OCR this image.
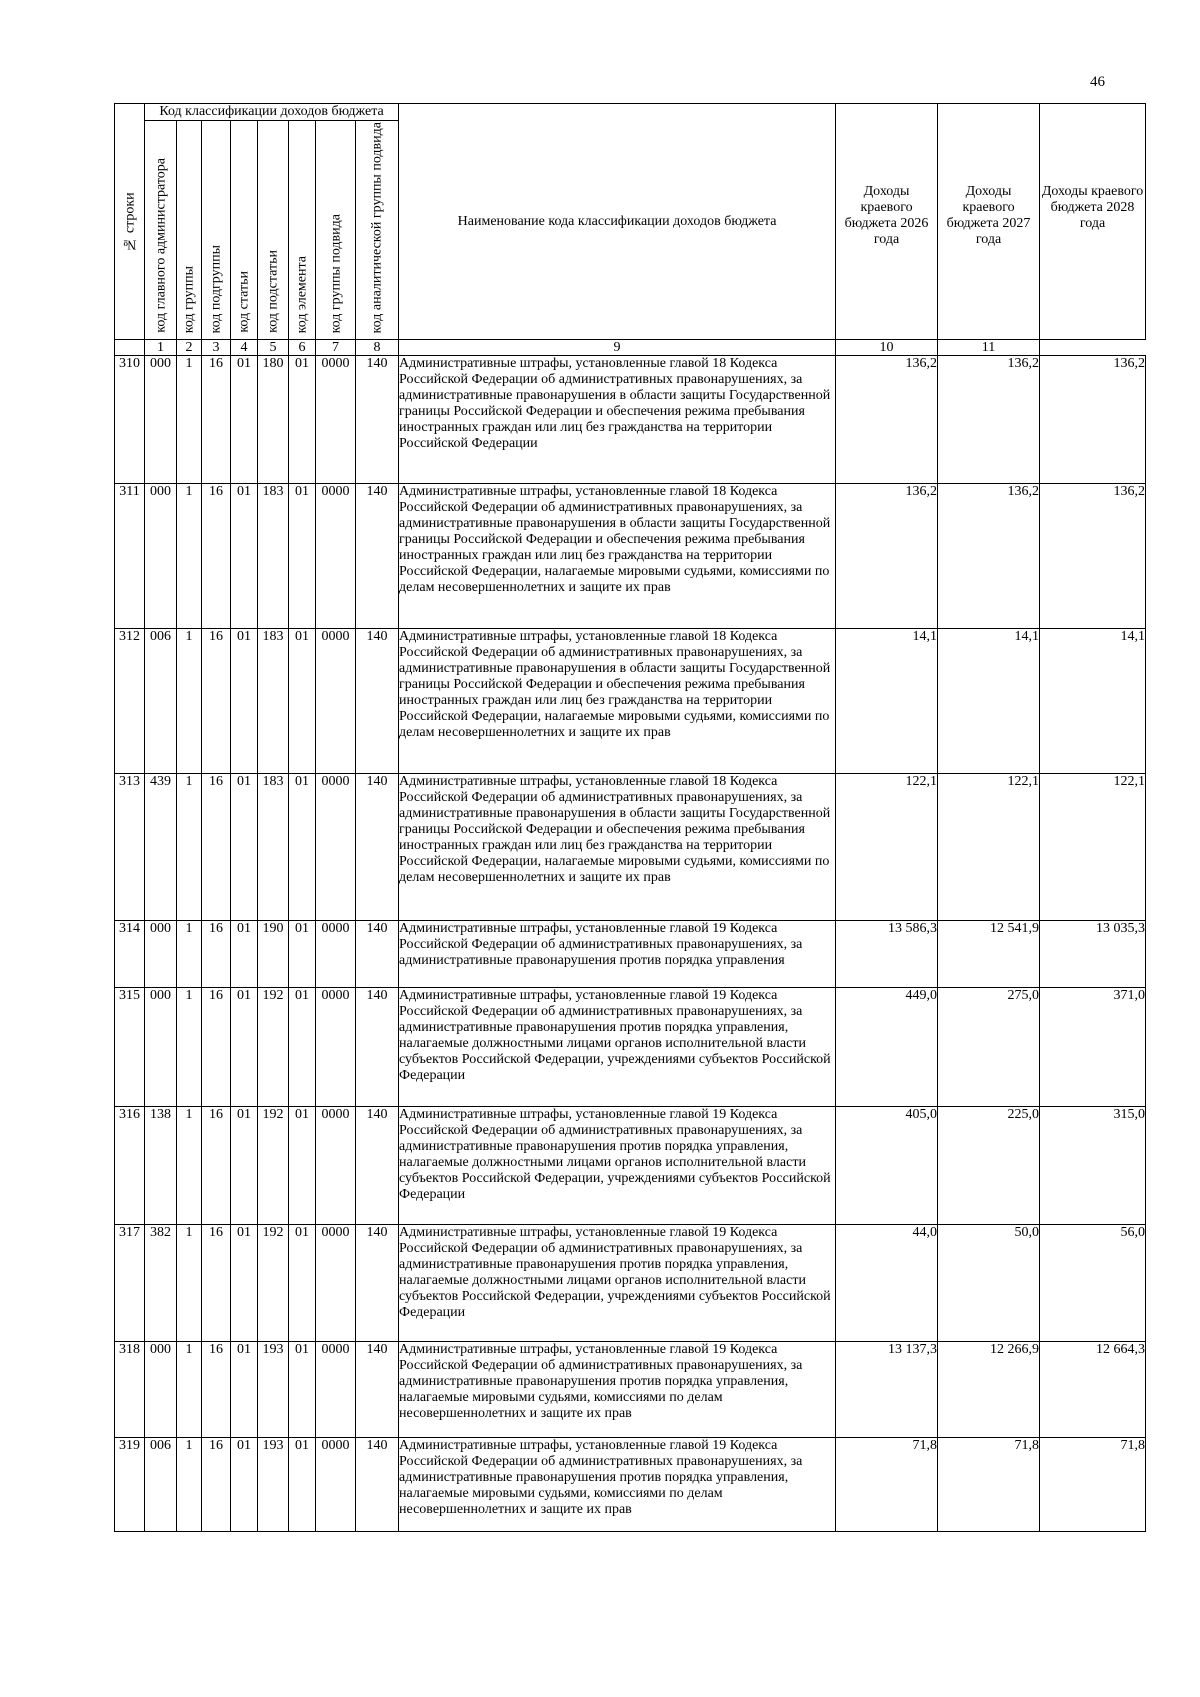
46
№ строки	Код классификации доходов бюджета								Наименование кода классификации доходов бюджета	Доходы краевого бюджета 2026 года	Доходы краевого бюджета 2027 года	Доходы краевого бюджета 2028 года

	код главного администратора	код группы	код подгруппы	код статьи	код подстатьи	код элемента	код группы подвида	код аналитической группы подвида				

	1	2	3	4	5	6	7	8	9	10	11	
310	000	1	16	01	180	01	0000	140	Административные штрафы, установленные главой 18 Кодекса Российской Федерации об административных правонарушениях, за административные правонарушения в области защиты Государственной границы Российской Федерации и обеспечения режима пребывания иностранных граждан или лиц без гражданства на территории Российской Федерации	136,2	136,2	136,2
311	000	1	16	01	183	01	0000	140	Административные штрафы, установленные главой 18 Кодекса Российской Федерации об административных правонарушениях, за административные правонарушения в области защиты Государственной границы Российской Федерации и обеспечения режима пребывания иностранных граждан или лиц без гражданства на территории Российской Федерации, налагаемые мировыми судьями, комиссиями по делам несовершеннолетних и защите их прав	136,2	136,2	136,2
312	006	1	16	01	183	01	0000	140	Административные штрафы, установленные главой 18 Кодекса Российской Федерации об административных правонарушениях, за административные правонарушения в области защиты Государственной границы Российской Федерации и обеспечения режима пребывания иностранных граждан или лиц без гражданства на территории Российской Федерации, налагаемые мировыми судьями, комиссиями по делам несовершеннолетних и защите их прав	14,1	14,1	14,1
313	439	1	16	01	183	01	0000	140	Административные штрафы, установленные главой 18 Кодекса Российской Федерации об административных правонарушениях, за административные правонарушения в области защиты Государственной границы Российской Федерации и обеспечения режима пребывания иностранных граждан или лиц без гражданства на территории Российской Федерации, налагаемые мировыми судьями, комиссиями по делам несовершеннолетних и защите их прав	122,1	122,1	122,1
314	000	1	16	01	190	01	0000	140	Административные штрафы, установленные главой 19 Кодекса Российской Федерации об административных правонарушениях, за административные правонарушения против порядка управления	13 586,3	12 541,9	13 035,3
315	000	1	16	01	192	01	0000	140	Административные штрафы, установленные главой 19 Кодекса Российской Федерации об административных правонарушениях, за административные правонарушения против порядка управления, налагаемые должностными лицами органов исполнительной власти субъектов Российской Федерации, учреждениями субъектов Российской Федерации	449,0	275,0	371,0
316	138	1	16	01	192	01	0000	140	Административные штрафы, установленные главой 19 Кодекса Российской Федерации об административных правонарушениях, за административные правонарушения против порядка управления, налагаемые должностными лицами органов исполнительной власти субъектов Российской Федерации, учреждениями субъектов Российской Федерации	405,0	225,0	315,0
317	382	1	16	01	192	01	0000	140	Административные штрафы, установленные главой 19 Кодекса Российской Федерации об административных правонарушениях, за административные правонарушения против порядка управления, налагаемые должностными лицами органов исполнительной власти субъектов Российской Федерации, учреждениями субъектов Российской Федерации	44,0	50,0	56,0
318	000	1	16	01	193	01	0000	140	Административные штрафы, установленные главой 19 Кодекса Российской Федерации об административных правонарушениях, за административные правонарушения против порядка управления, налагаемые мировыми судьями, комиссиями по делам несовершеннолетних и защите их прав	13 137,3	12 266,9	12 664,3
319	006	1	16	01	193	01	0000	140	Административные штрафы, установленные главой 19 Кодекса Российской Федерации об административных правонарушениях, за административные правонарушения против порядка управления, налагаемые мировыми судьями, комиссиями по делам несовершеннолетних и защите их прав	71,8	71,8	71,8
